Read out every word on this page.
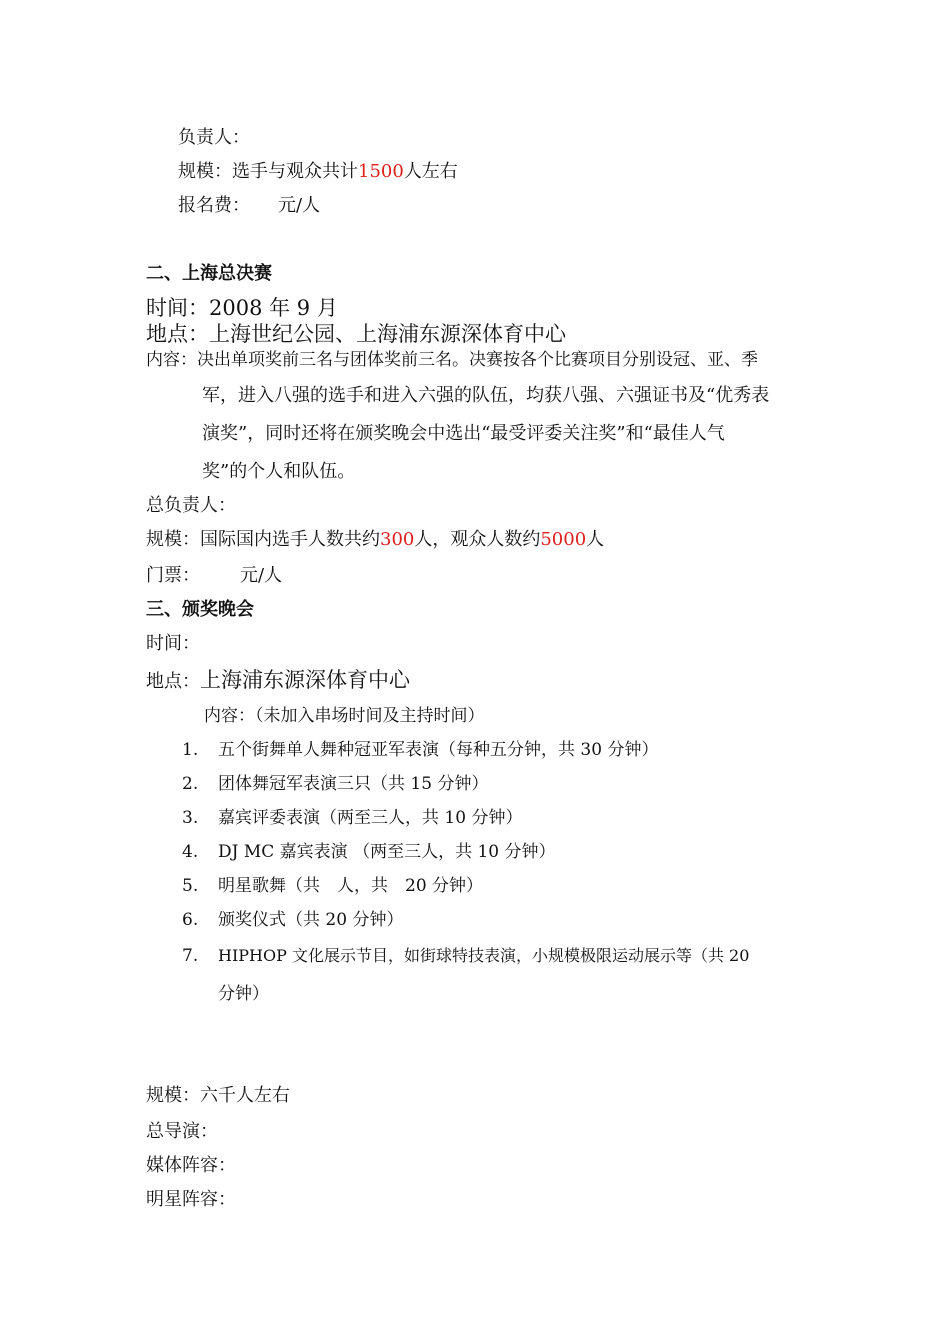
负责人：
规模：选手与观众共计1500人左右
报名费： 元/人
二、上海总决赛
时间：2008 年 9 月
地点：上海世纪公园、上海浦东源深体育中心
内容：决出单项奖前三名与团体奖前三名。决赛按各个比赛项目分别设冠、亚、季
军，进入八强的选手和进入六强的队伍，均获八强、六强证书及“优秀表
演奖”，同时还将在颁奖晚会中选出“最受评委关注奖”和“最佳人气
奖”的个人和队伍。
总负责人：
规模：国际国内选手人数共约300人，观众人数约5000人
门票： 元/人
三、颁奖晚会
时间：
地点：上海浦东源深体育中心
内容：（未加入串场时间及主持时间）
1.	五个街舞单人舞种冠亚军表演（每种五分钟，共 30 分钟）
2.	团体舞冠军表演三只（共 15 分钟）
3.	嘉宾评委表演（两至三人，共 10 分钟）
4.	DJ MC 嘉宾表演 （两至三人，共 10 分钟）
5.	明星歌舞（共　人，共　20 分钟）
6.	颁奖仪式（共 20 分钟）
7.	HIPHOP 文化展示节目，如街球特技表演，小规模极限运动展示等（共 20
分钟）
规模：六千人左右
总导演：
媒体阵容：
明星阵容：
